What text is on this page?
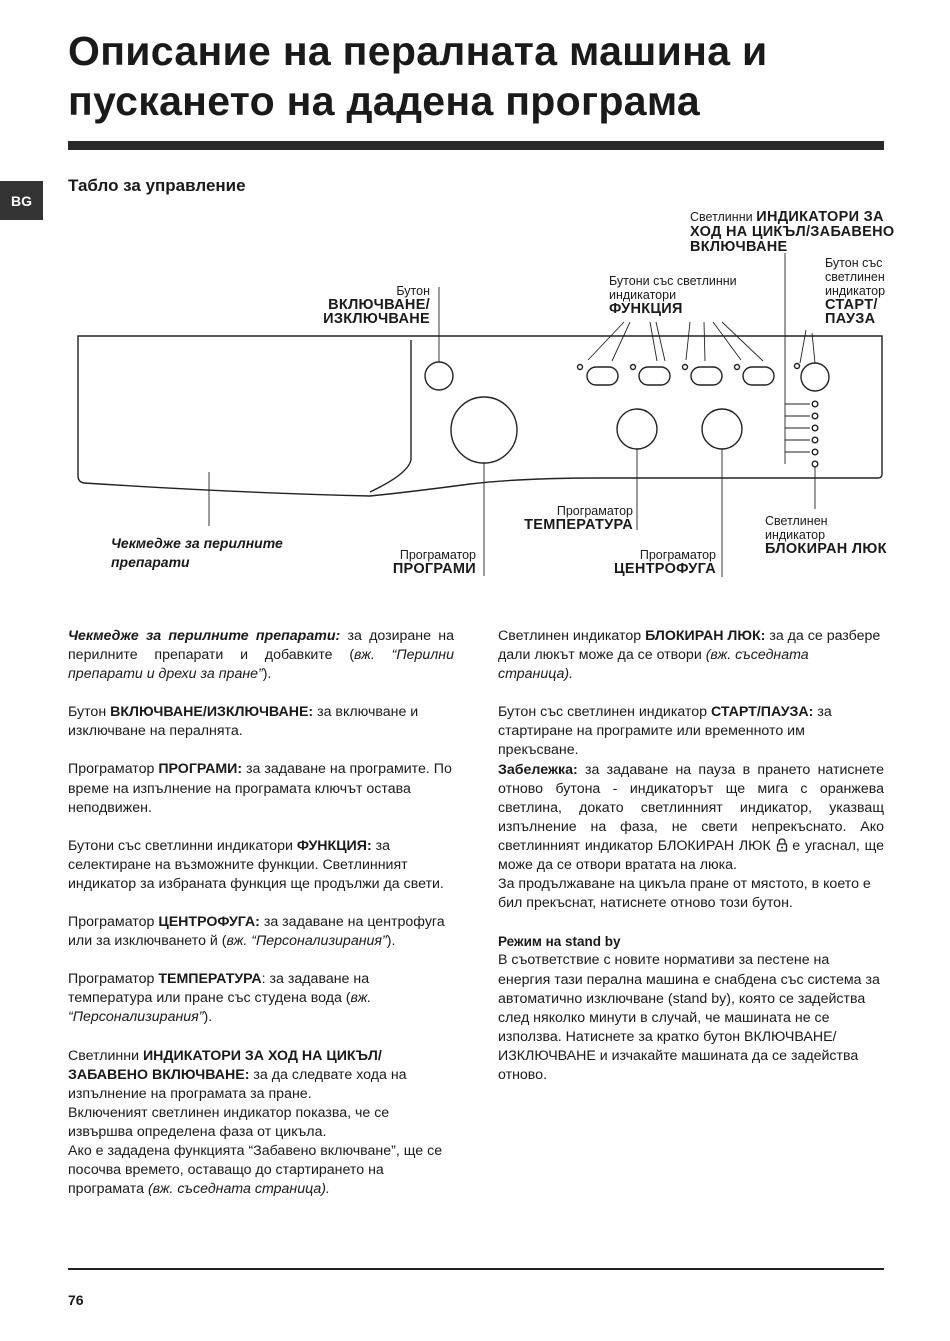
Описание на пералната машина и пускането на дадена програма
BG
Табло за управление
Бутон
ВКЛЮЧВАНЕ/
ИЗКЛЮЧВАНЕ
Светлинни ИНДИКАТОРИ ЗА
ХОД НА ЦИКЪЛ/ЗАБАВЕНО
ВКЛЮЧВАНЕ
Бутони със светлинни
индикатори
ФУНКЦИЯ
Бутон със
светлинен
индикатор
СТАРТ/
ПАУЗА
Програматор
ТЕМПЕРАТУРА	Светлинен
индикатор
БЛОКИРАН ЛЮК
Чекмедже за перилните
препарати	Програматор
ПРОГРАМИ
Програматор
ЦЕНТРОФУГА

Чекмедже за перилните препарати: за дозиране на перилните препарати и добавките (вж. “Перилни препарати и дрехи за пране”).

Бутон ВКЛЮЧВАНЕ/ИЗКЛЮЧВАНЕ: за включване и изключване на пералнята.

Програматор ПРОГРАМИ: за задаване на програмите. По време на изпълнение на програмата ключът остава неподвижен.

Бутони със светлинни индикатори ФУНКЦИЯ: за селектиране на възможните функции. Светлинният индикатор за избраната функция ще продължи да свети.

Програматор ЦЕНТРОФУГА: за задаване на центрофуга или за изключването й (вж. “Персонализирания”).

Програматор ТЕМПЕРАТУРА: за задаване на температура или пране със студена вода (вж. “Персонализирания”).

Светлинни ИНДИКАТОРИ ЗА ХОД НА ЦИКЪЛ/ЗАБАВЕНО ВКЛЮЧВАНЕ: за да следвате хода на изпълнение на програмата за пране.

Включеният светлинен индикатор показва, че се извършва определена фаза от цикъла.

Ако е зададена функцията “Забавено включване”, ще се посочва времето, оставащо до стартирането на програмата (вж. съседната страница).

Светлинен индикатор БЛОКИРАН ЛЮК: за да се разбере дали люкът може да се отвори (вж. съседната страница).

Бутон със светлинен индикатор СТАРТ/ПАУЗА: за стартиране на програмите или временното им прекъсване.

Забележка: за задаване на пауза в прането натиснете отново бутона - индикаторът ще мига с оранжева светлина, докато светлинният индикатор, указващ изпълнение на фаза, не свети непрекъснато. Ако светлинният индикатор БЛОКИРАН ЛЮК  е угаснал, ще може да се отвори вратата на люка.

За продължаване на цикъла пране от мястото, в което е бил прекъснат, натиснете отново този бутон.

Режим на stand by

В съответствие с новите нормативи за пестене на енергия тази перална машина е снабдена със система за автоматично изключване (stand by), която се задейства след няколко минути в случай, че машината не се използва. Натиснете за кратко бутон ВКЛЮЧВАНЕ/ИЗКЛЮЧВАНЕ и изчакайте машината да се задейства отново.

76
